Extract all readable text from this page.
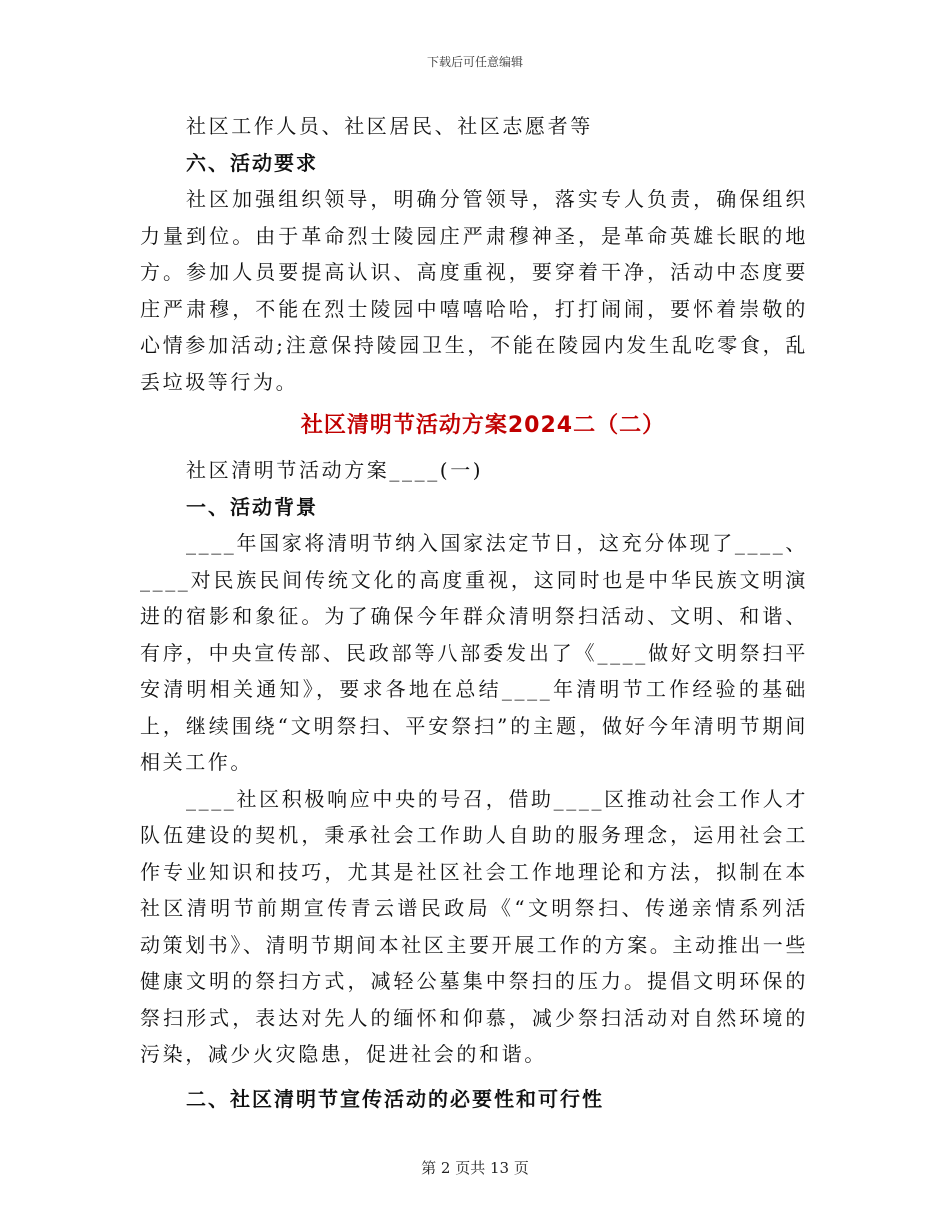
下载后可任意编辑

社区工作人员、社区居民、社区志愿者等

六、活动要求

社区加强组织领导，明确分管领导，落实专人负责，确保组织力量到位。由于革命烈士陵园庄严肃穆神圣，是革命英雄长眠的地方。参加人员要提高认识、高度重视，要穿着干净，活动中态度要庄严肃穆，不能在烈士陵园中嘻嘻哈哈，打打闹闹，要怀着崇敬的心情参加活动;注意保持陵园卫生，不能在陵园内发生乱吃零食，乱丢垃圾等行为。

社区清明节活动方案2024二（二）

社区清明节活动方案____(一)

一、活动背景

____年国家将清明节纳入国家法定节日，这充分体现了____、____对民族民间传统文化的高度重视，这同时也是中华民族文明演进的宿影和象征。为了确保今年群众清明祭扫活动、文明、和谐、有序，中央宣传部、民政部等八部委发出了《____做好文明祭扫平安清明相关通知》，要求各地在总结____年清明节工作经验的基础上，继续围绕“文明祭扫、平安祭扫”的主题，做好今年清明节期间相关工作。

____社区积极响应中央的号召，借助____区推动社会工作人才队伍建设的契机，秉承社会工作助人自助的服务理念，运用社会工作专业知识和技巧，尤其是社区社会工作地理论和方法，拟制在本社区清明节前期宣传青云谱民政局《“文明祭扫、传递亲情系列活动策划书》、清明节期间本社区主要开展工作的方案。主动推出一些健康文明的祭扫方式，减轻公墓集中祭扫的压力。提倡文明环保的祭扫形式，表达对先人的缅怀和仰慕，减少祭扫活动对自然环境的污染，减少火灾隐患，促进社会的和谐。

二、社区清明节宣传活动的必要性和可行性

第 2 页共 13 页
